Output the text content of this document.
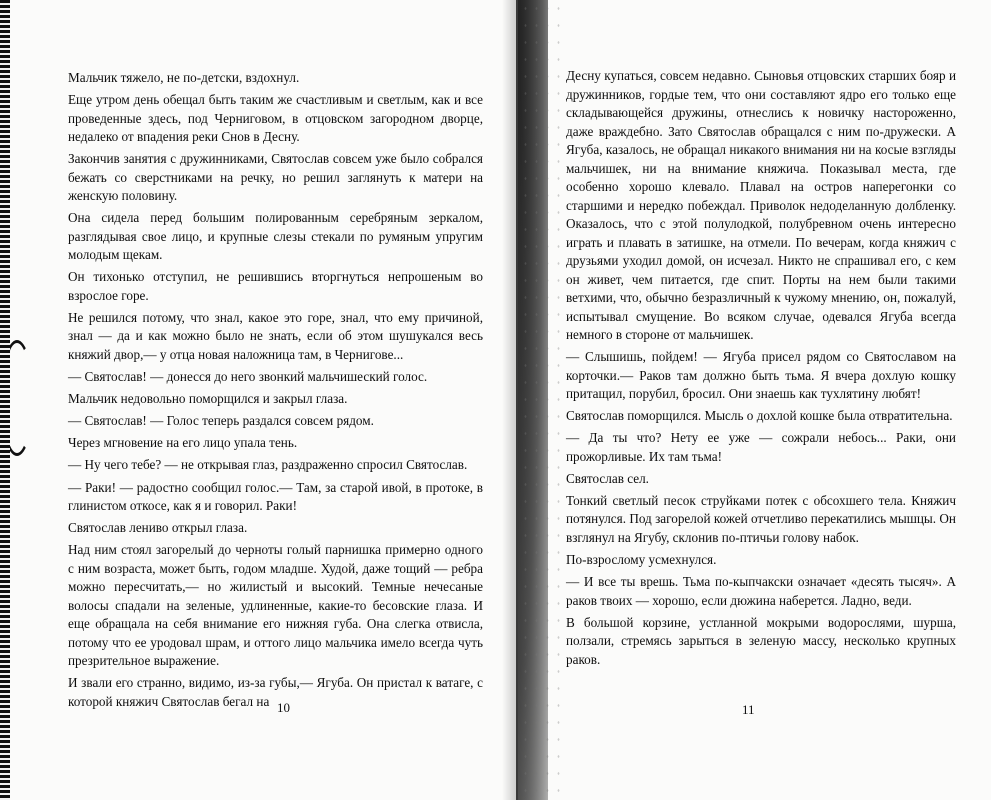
Мальчик тяжело, не по-детски, вздохнул.

Еще утром день обещал быть таким же счастливым и светлым, как и все проведенные здесь, под Черниговом, в отцовском загородном дворце, недалеко от впадения реки Снов в Десну.

Закончив занятия с дружинниками, Святослав совсем уже было собрался бежать со сверстниками на речку, но решил заглянуть к матери на женскую половину.

Она сидела перед большим полированным серебряным зеркалом, разглядывая свое лицо, и крупные слезы стекали по румяным упругим молодым щекам.

Он тихонько отступил, не решившись вторгнуться непрошеным во взрослое горе.

Не решился потому, что знал, какое это горе, знал, что ему причиной, знал — да и как можно было не знать, если об этом шушукался весь княжий двор,— у отца новая наложница там, в Чернигове...

— Святослав! — донесся до него звонкий мальчишеский голос.

Мальчик недовольно поморщился и закрыл глаза.

— Святослав! — Голос теперь раздался совсем рядом.

Через мгновение на его лицо упала тень.

— Ну чего тебе? — не открывая глаз, раздраженно спросил Святослав.

— Раки! — радостно сообщил голос.— Там, за старой ивой, в протоке, в глинистом откосе, как я и говорил. Раки!

Святослав лениво открыл глаза.

Над ним стоял загорелый до черноты голый парнишка примерно одного с ним возраста, может быть, годом младше. Худой, даже тощий — ребра можно пересчитать,— но жилистый и высокий. Темные нечесаные волосы спадали на зеленые, удлиненные, какие-то бесовские глаза. И еще обращала на себя внимание его нижняя губа. Она слегка отвисла, потому что ее уродовал шрам, и оттого лицо мальчика имело всегда чуть презрительное выражение.

И звали его странно, видимо, из-за губы,— Ягуба. Он пристал к ватаге, с которой княжич Святослав бегал на 10

Десну купаться, совсем недавно. Сыновья отцовских старших бояр и дружинников, гордые тем, что они составляют ядро его только еще складывающейся дружины, отнеслись к новичку настороженно, даже враждебно. Зато Святослав обращался с ним по-дружески. А Ягуба, казалось, не обращал никакого внимания ни на косые взгляды мальчишек, ни на внимание княжича. Показывал места, где особенно хорошо клевало. Плавал на остров наперегонки со старшими и нередко побеждал. Приволок недоделанную долбленку. Оказалось, что с этой полулодкой, полубревном очень интересно играть и плавать в затишке, на отмели. По вечерам, когда княжич с друзьями уходил домой, он исчезал. Никто не спрашивал его, с кем он живет, чем питается, где спит. Порты на нем были такими ветхими, что, обычно безразличный к чужому мнению, он, пожалуй, испытывал смущение. Во всяком случае, одевался Ягуба всегда немного в стороне от мальчишек.

— Слышишь, пойдем! — Ягуба присел рядом со Святославом на корточки.— Раков там должно быть тьма. Я вчера дохлую кошку притащил, порубил, бросил. Они знаешь как тухлятину любят!

Святослав поморщился. Мысль о дохлой кошке была отвратительна.

— Да ты что? Нету ее уже — сожрали небось... Раки, они прожорливые. Их там тьма!

Святослав сел.

Тонкий светлый песок струйками потек с обсохшего тела. Княжич потянулся. Под загорелой кожей отчетливо перекатились мышцы. Он взглянул на Ягубу, склонив по-птичьи голову набок.

По-взрослому усмехнулся.

— И все ты врешь. Тьма по-кыпчакски означает «десять тысяч». А раков твоих — хорошо, если дюжина наберется. Ладно, веди.

В большой корзине, устланной мокрыми водорослями, шурша, ползали, стремясь зарыться в зеленую массу, несколько крупных раков.

11
